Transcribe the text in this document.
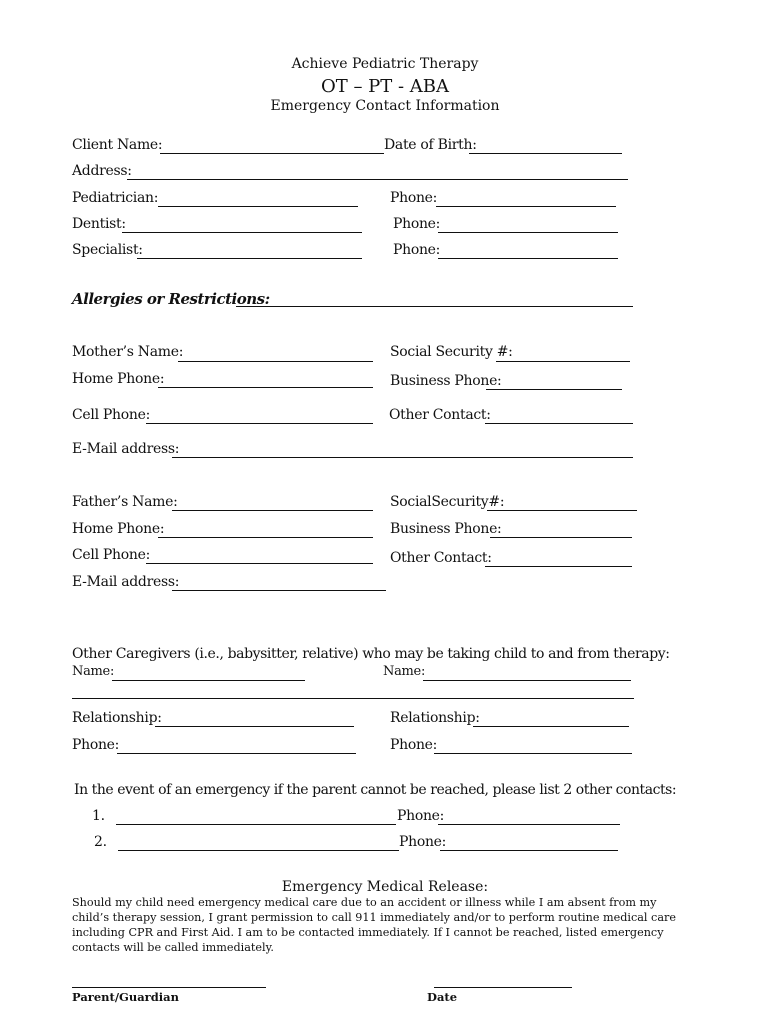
Achieve Pediatric Therapy
OT – PT - ABA
Emergency Contact Information
Client Name:	Date of Birth:
Address:
Pediatrician:	Phone:
Dentist:	Phone:
Specialist:	Phone:
Allergies or Restrictions:
Mother’s Name:	Social Security #:
Home Phone:	Business Phone:
Cell Phone:	Other Contact:
E-Mail address:
Father’s Name:	SocialSecurity#:
Home Phone:	Business Phone:
Cell Phone:	Other Contact:
E-Mail address:
Other Caregivers (i.e., babysitter, relative) who may be taking child to and from therapy:
Name:	Name:
Relationship:	Relationship:
Phone:	Phone:
In the event of an emergency if the parent cannot be reached, please list 2 other contacts:
1.	Phone:
2.	Phone:
Emergency Medical Release:
Should my child need emergency medical care due to an accident or illness while I am absent from my child’s therapy session, I grant permission to call 911 immediately and/or to perform routine medical care including CPR and First Aid. I am to be contacted immediately. If I cannot be reached, listed emergency contacts will be called immediately.
Parent/Guardian	Date
